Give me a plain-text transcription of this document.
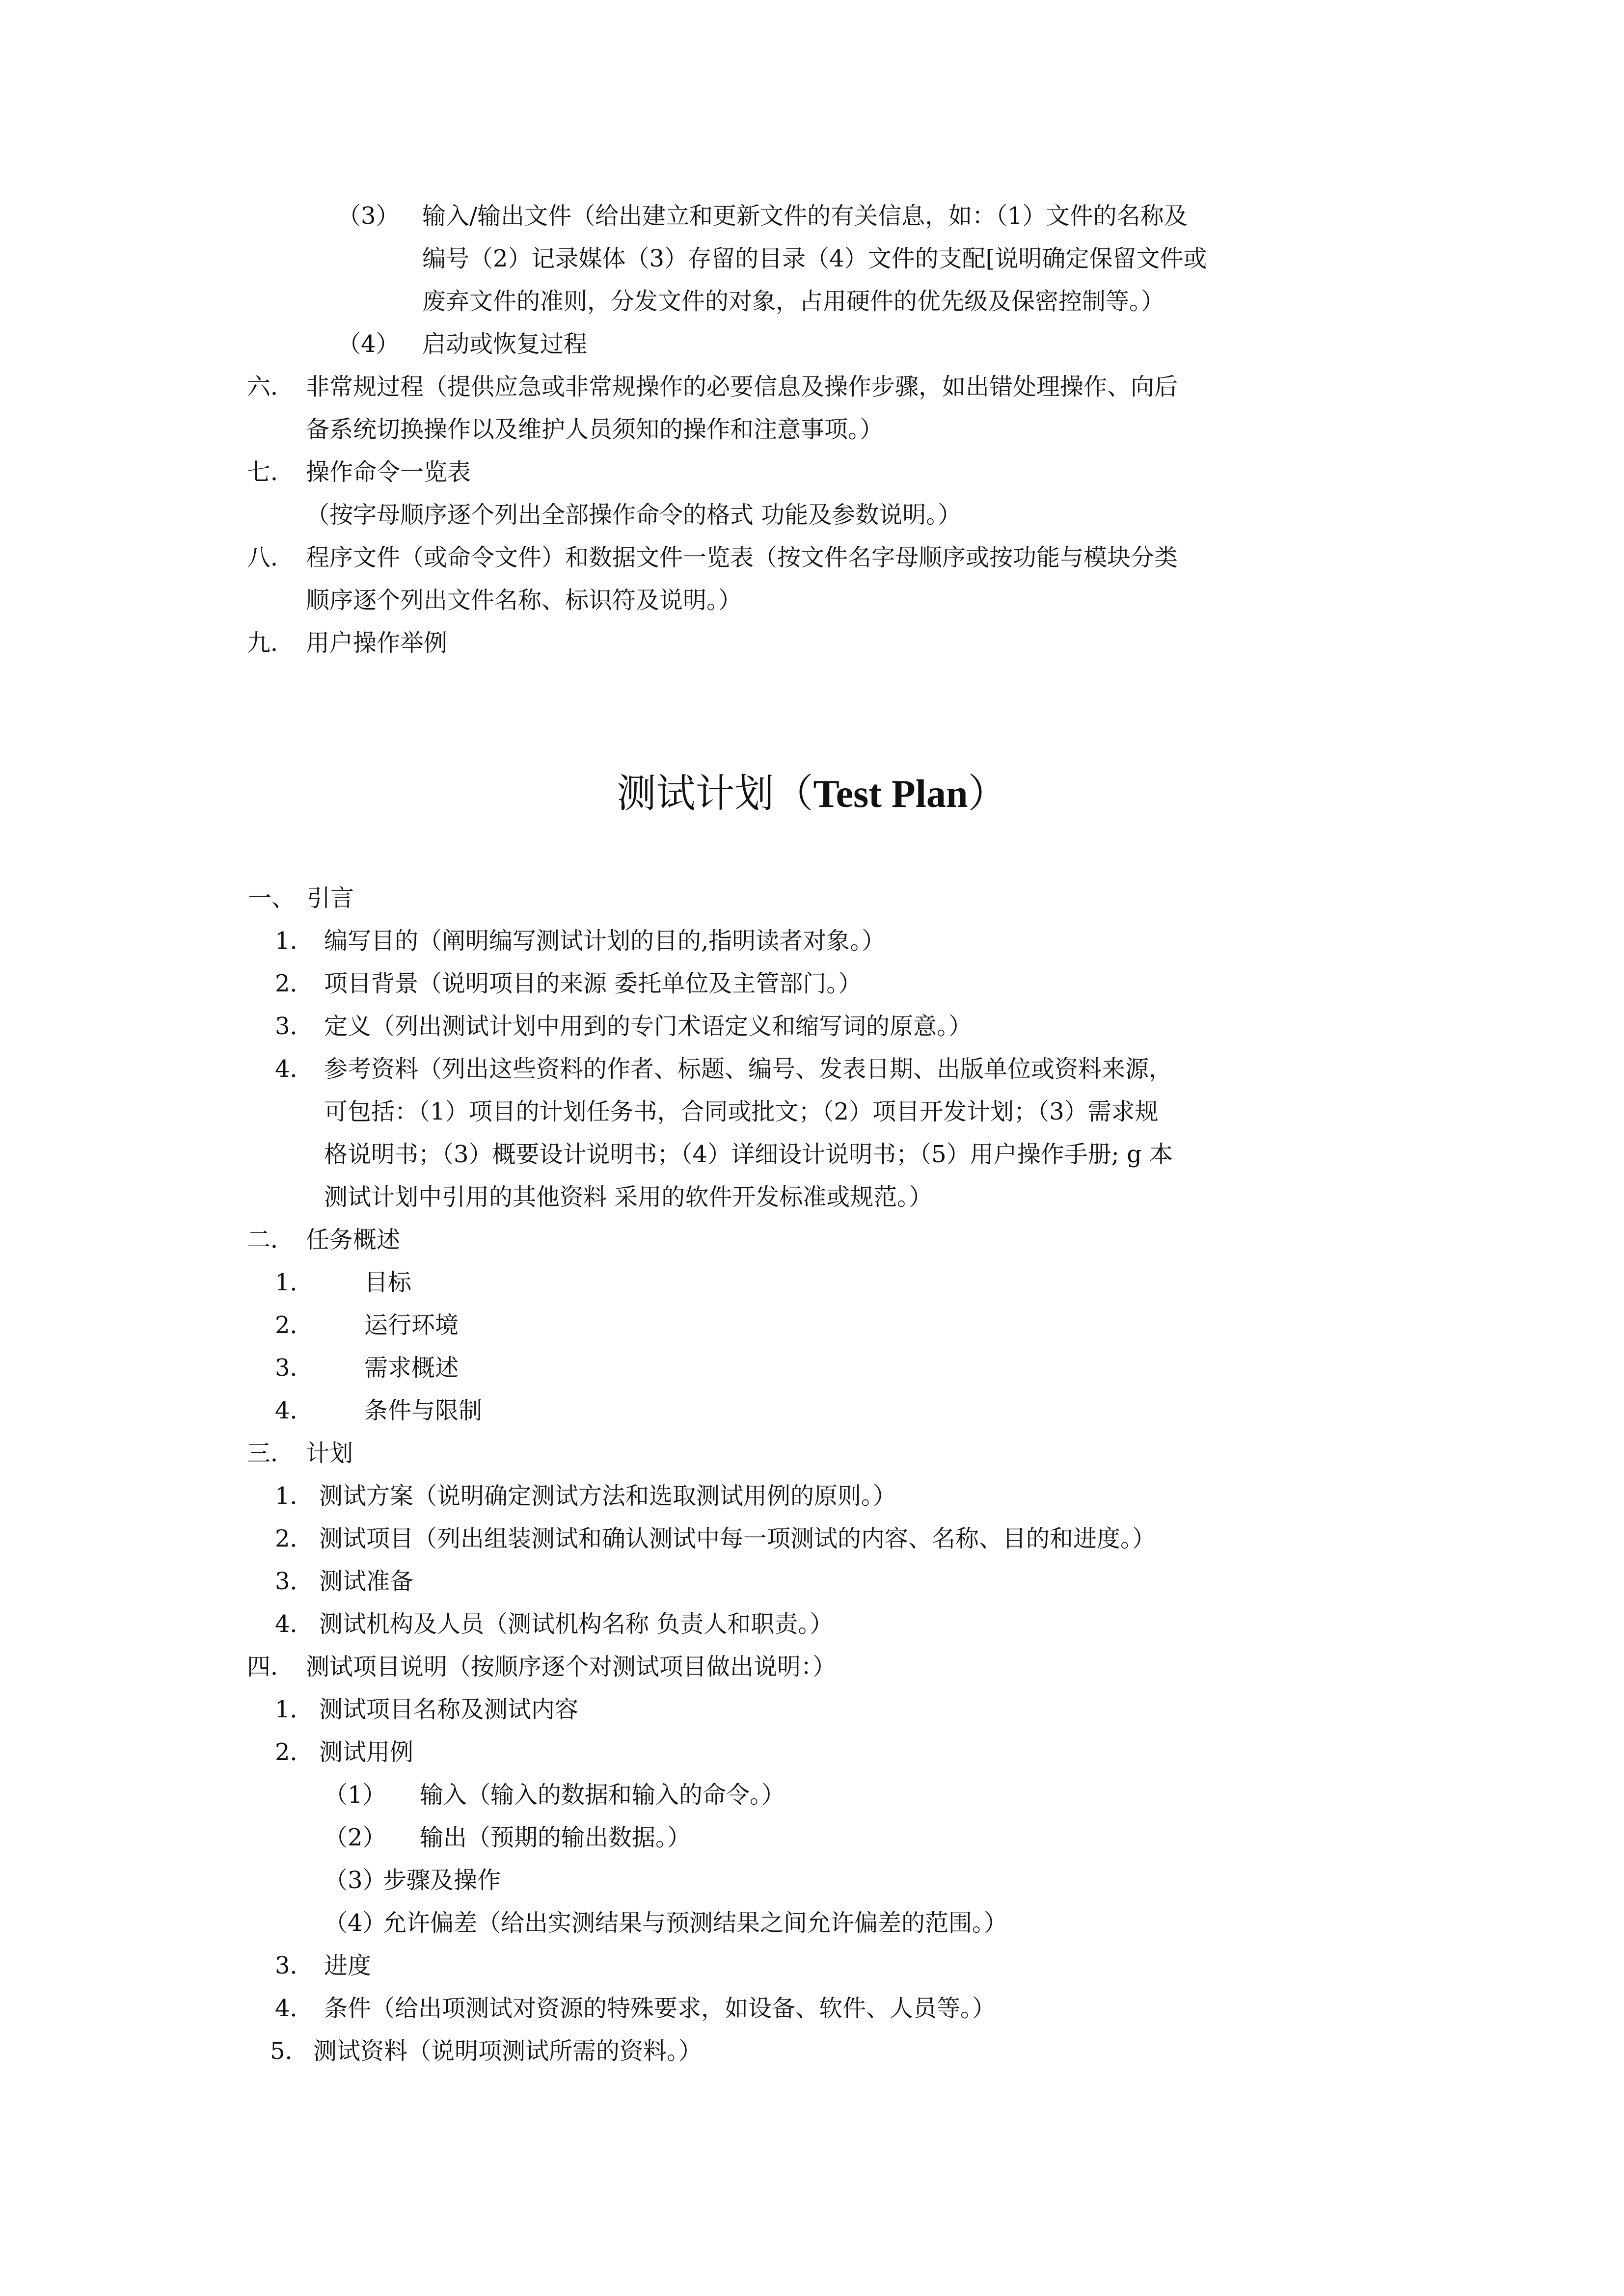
（3） 输入/输出文件（给出建立和更新文件的有关信息，如：（1）文件的名称及
编号（2）记录媒体（3）存留的目录（4）文件的支配[说明确定保留文件或
废弃文件的准则，分发文件的对象，占用硬件的优先级及保密控制等。）
（4） 启动或恢复过程
六． 非常规过程（提供应急或非常规操作的必要信息及操作步骤，如出错处理操作、向后
备系统切换操作以及维护人员须知的操作和注意事项。）
七． 操作命令一览表
（按字母顺序逐个列出全部操作命令的格式 功能及参数说明。）
八． 程序文件（或命令文件）和数据文件一览表（按文件名字母顺序或按功能与模块分类
顺序逐个列出文件名称、标识符及说明。）
九． 用户操作举例
测试计划（Test Plan）
一、 引言
1． 编写目的（阐明编写测试计划的目的,指明读者对象。）
2． 项目背景（说明项目的来源 委托单位及主管部门。）
3． 定义（列出测试计划中用到的专门术语定义和缩写词的原意。）
4． 参考资料（列出这些资料的作者、标题、编号、发表日期、出版单位或资料来源，
可包括：（1）项目的计划任务书，合同或批文；（2）项目开发计划；（3）需求规
格说明书；（3）概要设计说明书；（4）详细设计说明书；（5）用户操作手册; g 本
测试计划中引用的其他资料 采用的软件开发标准或规范。）
二． 任务概述
1． 目标
2． 运行环境
3． 需求概述
4． 条件与限制
三． 计划
1． 测试方案（说明确定测试方法和选取测试用例的原则。）
2． 测试项目（列出组装测试和确认测试中每一项测试的内容、名称、目的和进度。）
3． 测试准备
4． 测试机构及人员（测试机构名称 负责人和职责。）
四． 测试项目说明（按顺序逐个对测试项目做出说明：）
1． 测试项目名称及测试内容
2． 测试用例
（1） 输入（输入的数据和输入的命令。）
（2） 输出（预期的输出数据。）
（3）
步骤及操作
（4）
允许偏差（给出实测结果与预测结果之间允许偏差的范围。）
3． 进度
4． 条件（给出项测试对资源的特殊要求，如设备、软件、人员等。）
5． 测试资料（说明项测试所需的资料。）
